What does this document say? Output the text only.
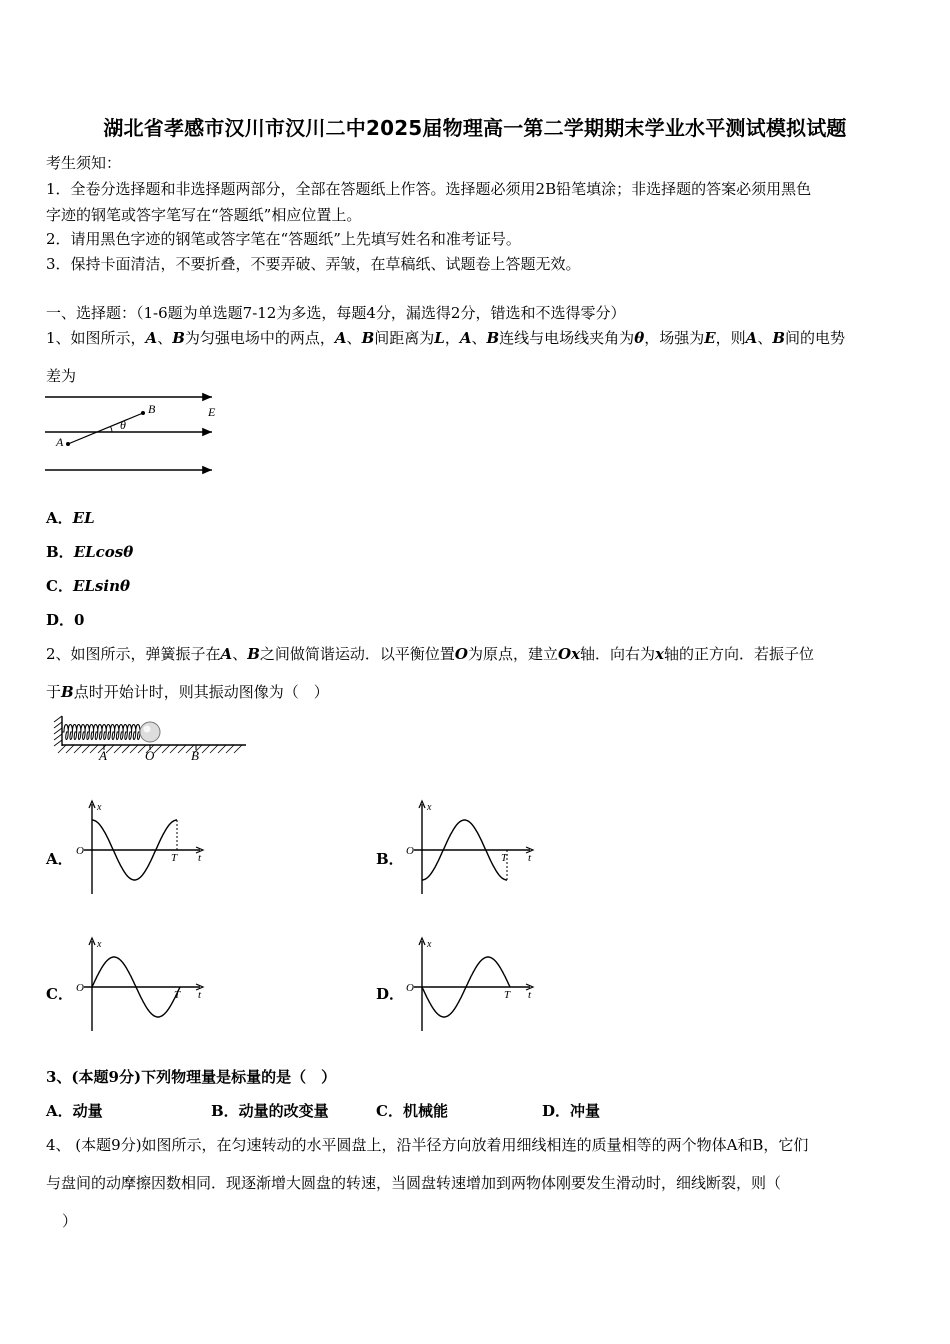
湖北省孝感市汉川市汉川二中2025届物理高一第二学期期末学业水平测试模拟试题
考生须知：
1．全卷分选择题和非选择题两部分，全部在答题纸上作答。选择题必须用2B铅笔填涂；非选择题的答案必须用黑色
字迹的钢笔或答字笔写在“答题纸”相应位置上。
2．请用黑色字迹的钢笔或答字笔在“答题纸”上先填写姓名和准考证号。
3．保持卡面清洁，不要折叠，不要弄破、弄皱，在草稿纸、试题卷上答题无效。
一、选择题：（1-6题为单选题7-12为多选，每题4分，漏选得2分，错选和不选得零分）
1、如图所示，A、B为匀强电场中的两点，A、B间距离为L，A、B连线与电场线夹角为θ，场强为E，则A、B间的电势
差为
A
B	E
θ
A．EL
B．ELcosθ
C．ELsinθ
D．0
2、如图所示，弹簧振子在A、B之间做简谐运动．以平衡位置O为原点，建立Ox轴．向右为x轴的正方向．若振子位
于B点时开始计时，则其振动图像为（　）
A	O	B
A．
x
t
O
T	B．
x
t
O
T
C．
x
t
O
T	D．
x
t
O
T
3、(本题9分)下列物理量是标量的是（　）
A．动量	B．动量的改变量	C．机械能	D．冲量
4、 (本题9分)如图所示，在匀速转动的水平圆盘上，沿半径方向放着用细线相连的质量相等的两个物体A和B，它们
与盘间的动摩擦因数相同．现逐渐增大圆盘的转速，当圆盘转速增加到两物体刚要发生滑动时，细线断裂，则（
）
